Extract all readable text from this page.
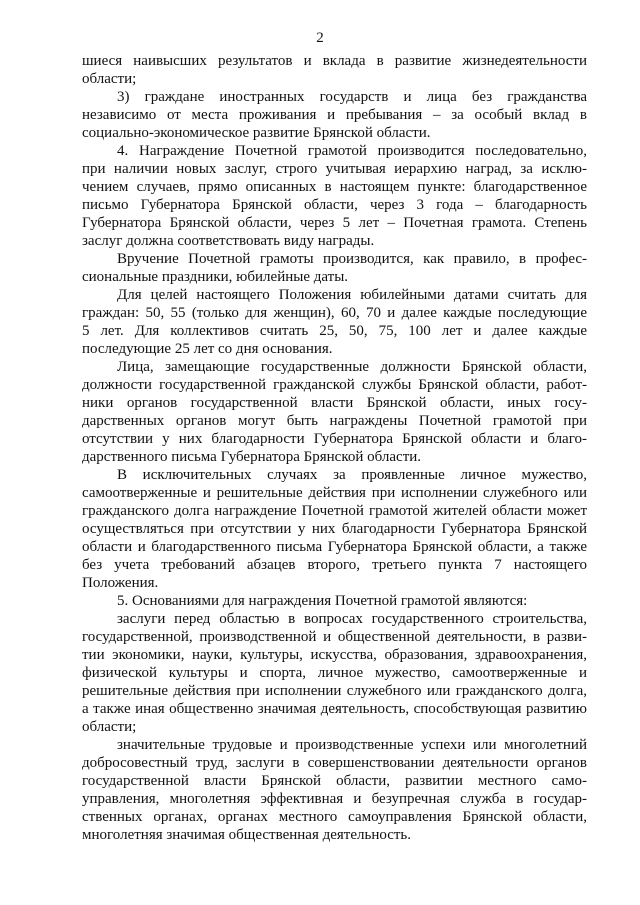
2
шиеся наивысших результатов и вклада в развитие жизнедеятельности
области;
3) граждане иностранных государств и лица без гражданства
независимо от места проживания и пребывания – за особый вклад в
социально-экономическое развитие Брянской области.
4. Награждение Почетной грамотой производится последовательно,
при наличии новых заслуг, строго учитывая иерархию наград, за исклю-
чением случаев, прямо описанных в настоящем пункте: благодарственное
письмо Губернатора Брянской области, через 3 года – благодарность
Губернатора Брянской области, через 5 лет – Почетная грамота. Степень
заслуг должна соответствовать виду награды.
Вручение Почетной грамоты производится, как правило, в профес-
сиональные праздники, юбилейные даты.
Для целей настоящего Положения юбилейными датами считать для
граждан: 50, 55 (только для женщин), 60, 70 и далее каждые последующие
5 лет. Для коллективов считать 25, 50, 75, 100 лет и далее каждые
последующие 25 лет со дня основания.
Лица, замещающие государственные должности Брянской области,
должности государственной гражданской службы Брянской области, работ-
ники органов государственной власти Брянской области, иных госу-
дарственных органов могут быть награждены Почетной грамотой при
отсутствии у них благодарности Губернатора Брянской области и благо-
дарственного письма Губернатора Брянской области.
В исключительных случаях за проявленные личное мужество,
самоотверженные и решительные действия при исполнении служебного или
гражданского долга награждение Почетной грамотой жителей области может
осуществляться при отсутствии у них благодарности Губернатора Брянской
области и благодарственного письма Губернатора Брянской области, а также
без учета требований абзацев второго, третьего пункта 7 настоящего
Положения.
5. Основаниями для награждения Почетной грамотой являются:
заслуги перед областью в вопросах государственного строительства,
государственной, производственной и общественной деятельности, в разви-
тии экономики, науки, культуры, искусства, образования, здравоохранения,
физической культуры и спорта, личное мужество, самоотверженные и
решительные действия при исполнении служебного или гражданского долга,
а также иная общественно значимая деятельность, способствующая развитию
области;
значительные трудовые и производственные успехи или многолетний
добросовестный труд, заслуги в совершенствовании деятельности органов
государственной власти Брянской области, развитии местного само-
управления, многолетняя эффективная и безупречная служба в государ-
ственных органах, органах местного самоуправления Брянской области,
многолетняя значимая общественная деятельность.
